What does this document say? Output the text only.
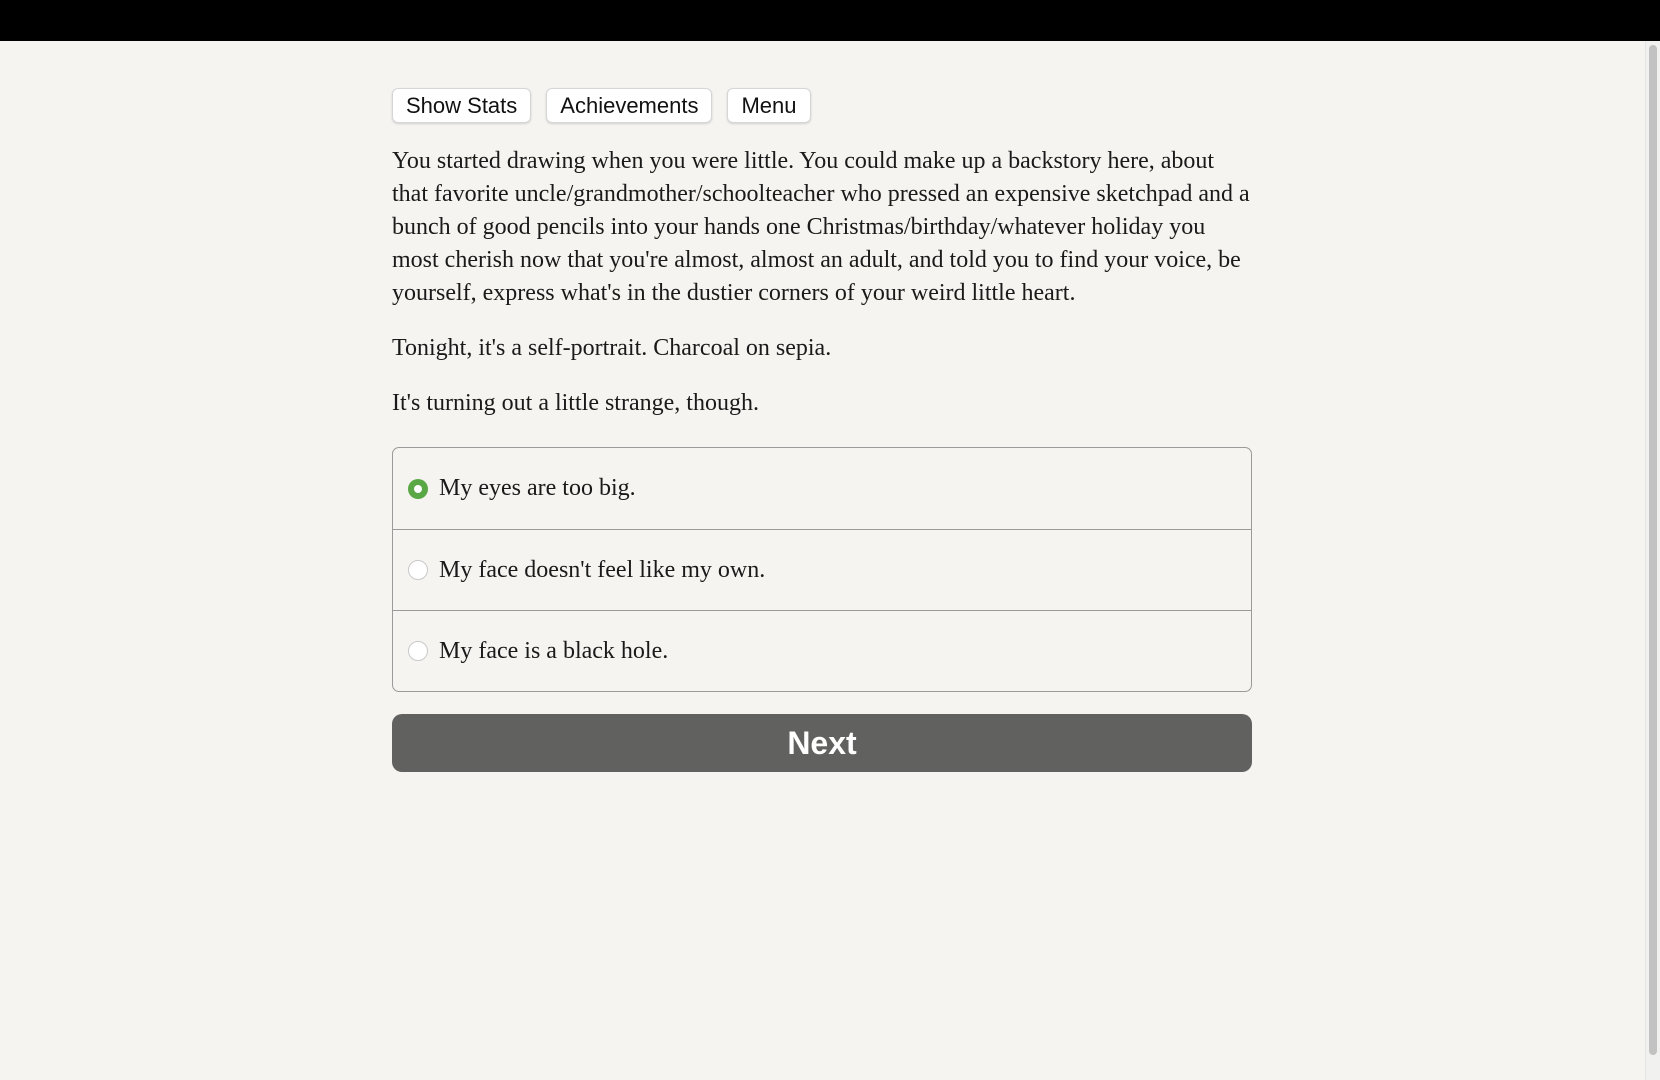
Show Stats	Achievements	Menu

You started drawing when you were little. You could make up a backstory here, about that favorite uncle/grandmother/schoolteacher who pressed an expensive sketchpad and a bunch of good pencils into your hands one Christmas/birthday/whatever holiday you most cherish now that you're almost, almost an adult, and told you to find your voice, be yourself, express what's in the dustier corners of your weird little heart.

Tonight, it's a self-portrait. Charcoal on sepia.

It's turning out a little strange, though.

My eyes are too big.
My face doesn't feel like my own.
My face is a black hole.
Next
